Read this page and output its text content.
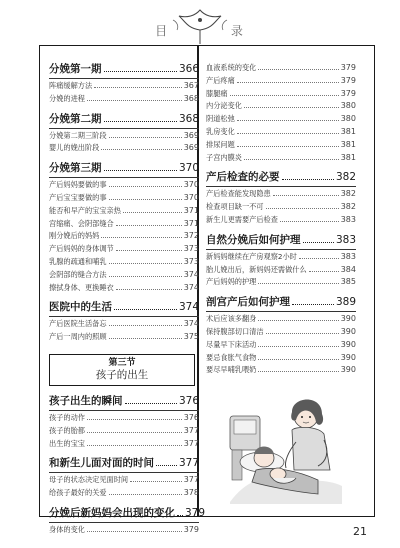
目 录
分娩第一期	366
阵痛缓解方法	367
分娩的进程	368
分娩第二期	368
分娩第二期三阶段	369
婴儿的娩出阶段	369
分娩第三期	370
产后妈妈要做的事	370
产后宝宝要做的事	370
能否和早产的宝宝亲热	371
宫缩痛、会阴部缝合	371
刚分娩后的妈妈	372
产后妈妈的身体调节	373
乳腺的疏通和哺乳	373
会阴部的缝合方法	374
擦拭身体、更换睡衣	374
医院中的生活	374
产后医院生活备忘	374
产后一周内的照顾	375
第三节
孩子的出生
孩子出生的瞬间	376
孩子的动作	376
孩子的胎都	377
出生的宝宝	377
和新生儿面对面的时间 377
母子的状态决定见面时间	377
给孩子最好的关爱	378
分娩后新妈妈会出现的变化 379
身体的变化	379
血液系统的变化	379
产后疼痛	379
膝腿痛	379
内分泌变化	380
阴道松弛	380
乳房变化	381
排尿问题	381
子宫内膜炎	381
产后检查的必要	382
产后检查能发现隐患	382
检查项目缺一不可	382
新生儿更需要产后检查	383
自然分娩后如何护理	383
新妈妈继续在产房观察2小时	383
胎儿娩出后，新妈妈还需做什么	384
产后妈妈的护理	385
剖宫产后如何护理	389
术后应该多翻身	390
保持腹部切口清洁	390
尽量早下床活动	390
要忌食胀气食物	390
要尽早哺乳喂奶	390
21
